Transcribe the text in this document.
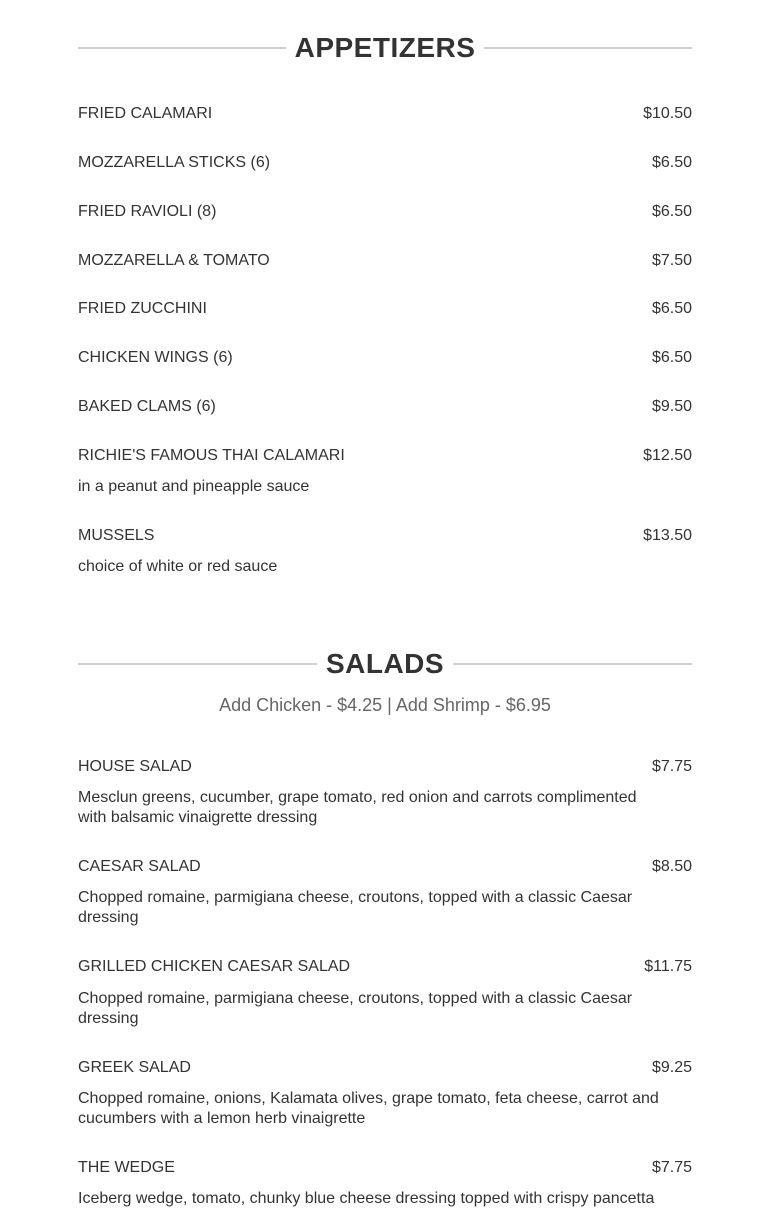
APPETIZERS
FRIED CALAMARI	$10.50
MOZZARELLA STICKS (6)	$6.50
FRIED RAVIOLI (8)	$6.50
MOZZARELLA & TOMATO	$7.50
FRIED ZUCCHINI	$6.50
CHICKEN WINGS (6)	$6.50
BAKED CLAMS (6)	$9.50
RICHIE'S FAMOUS THAI CALAMARI	$12.50
in a peanut and pineapple sauce
MUSSELS	$13.50
choice of white or red sauce
SALADS
Add Chicken - $4.25 | Add Shrimp - $6.95
HOUSE SALAD	$7.75
Mesclun greens, cucumber, grape tomato, red onion and carrots complimented with balsamic vinaigrette dressing
CAESAR SALAD	$8.50
Chopped romaine, parmigiana cheese, croutons, topped with a classic Caesar dressing
GRILLED CHICKEN CAESAR SALAD	$11.75
Chopped romaine, parmigiana cheese, croutons, topped with a classic Caesar dressing
GREEK SALAD	$9.25
Chopped romaine, onions, Kalamata olives, grape tomato, feta cheese, carrot and cucumbers with a lemon herb vinaigrette
THE WEDGE	$7.75
Iceberg wedge, tomato, chunky blue cheese dressing topped with crispy pancetta
